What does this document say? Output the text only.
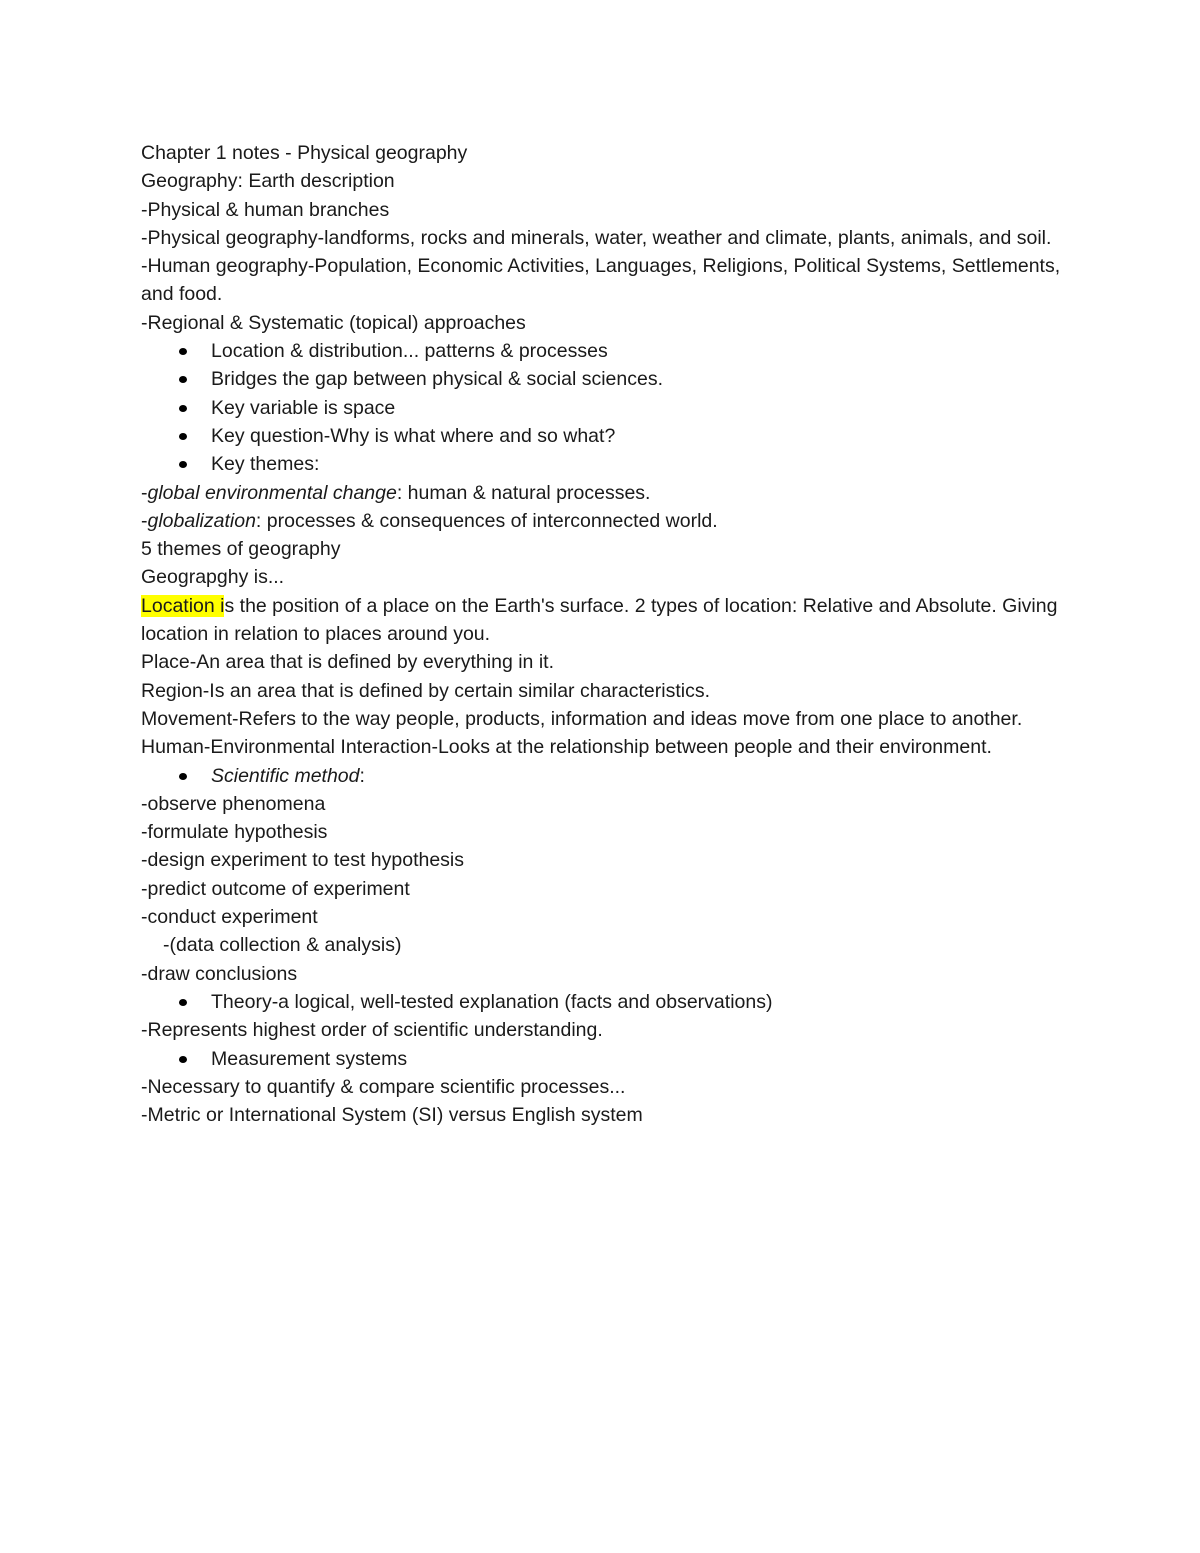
Chapter 1 notes - Physical geography

Geography: Earth description

-Physical & human branches

-Physical geography-landforms, rocks and minerals, water, weather and climate, plants, animals, and soil.

-Human geography-Population, Economic Activities, Languages, Religions, Political Systems, Settlements, and food.

-Regional & Systematic (topical) approaches

Location & distribution... patterns & processes

Bridges the gap between physical & social sciences.

Key variable is space

Key question-Why is what where and so what?

Key themes:

-global environmental change: human & natural processes.

-globalization: processes & consequences of interconnected world.

5 themes of geography

Geograpghy is...

Location is the position of a place on the Earth's surface. 2 types of location: Relative and Absolute. Giving location in relation to places around you.

Place-An area that is defined by everything in it.

Region-Is an area that is defined by certain similar characteristics.

Movement-Refers to the way people, products, information and ideas move from one place to another.

Human-Environmental Interaction-Looks at the relationship between people and their environment.

Scientific method:

-observe phenomena

-formulate hypothesis

-design experiment to test hypothesis

-predict outcome of experiment

-conduct experiment

-(data collection & analysis)

-draw conclusions

Theory-a logical, well-tested explanation (facts and observations)

-Represents highest order of scientific understanding.

Measurement systems

-Necessary to quantify & compare scientific processes...

-Metric or International System (SI) versus English system
